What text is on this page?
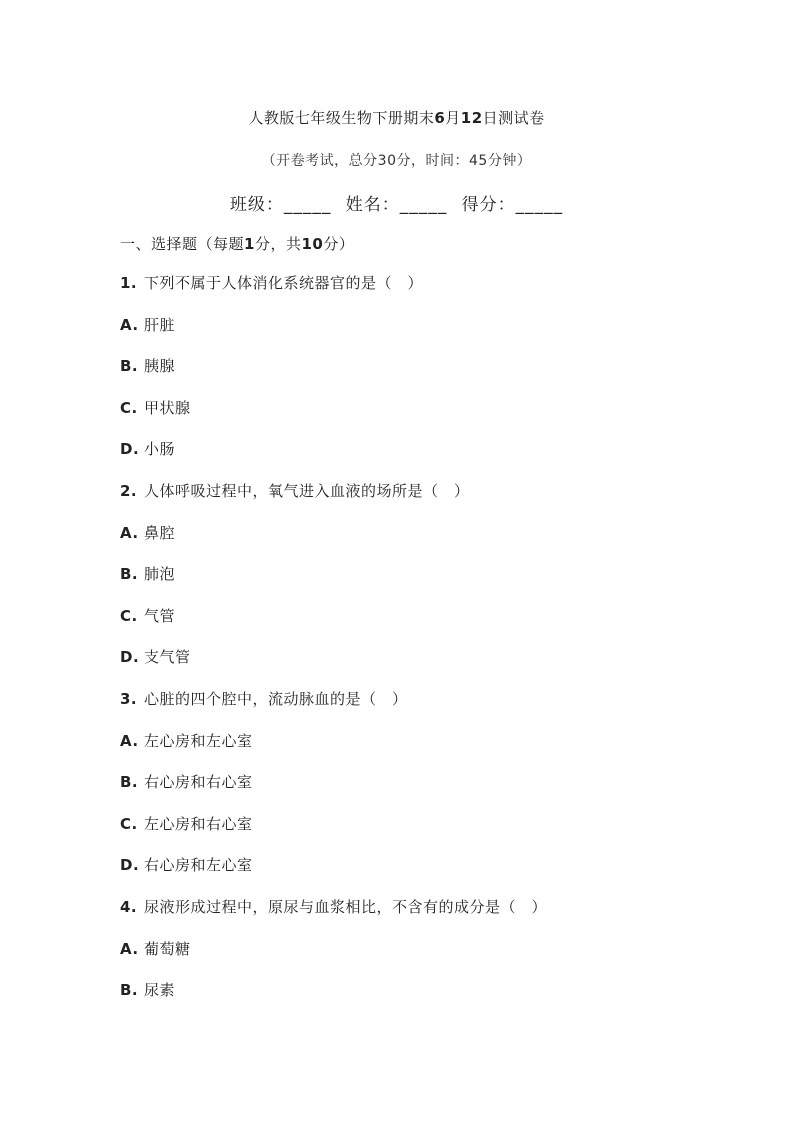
人教版七年级生物下册期末6月12日测试卷
（开卷考试，总分30分，时间：45分钟）
班级：_____ 姓名：_____ 得分：_____
一、选择题（每题1分，共10分）
1. 下列不属于人体消化系统器官的是（　）
A. 肝脏
B. 胰腺
C. 甲状腺
D. 小肠
2. 人体呼吸过程中，氧气进入血液的场所是（　）
A. 鼻腔
B. 肺泡
C. 气管
D. 支气管
3. 心脏的四个腔中，流动脉血的是（　）
A. 左心房和左心室
B. 右心房和右心室
C. 左心房和右心室
D. 右心房和左心室
4. 尿液形成过程中，原尿与血浆相比，不含有的成分是（　）
A. 葡萄糖
B. 尿素
